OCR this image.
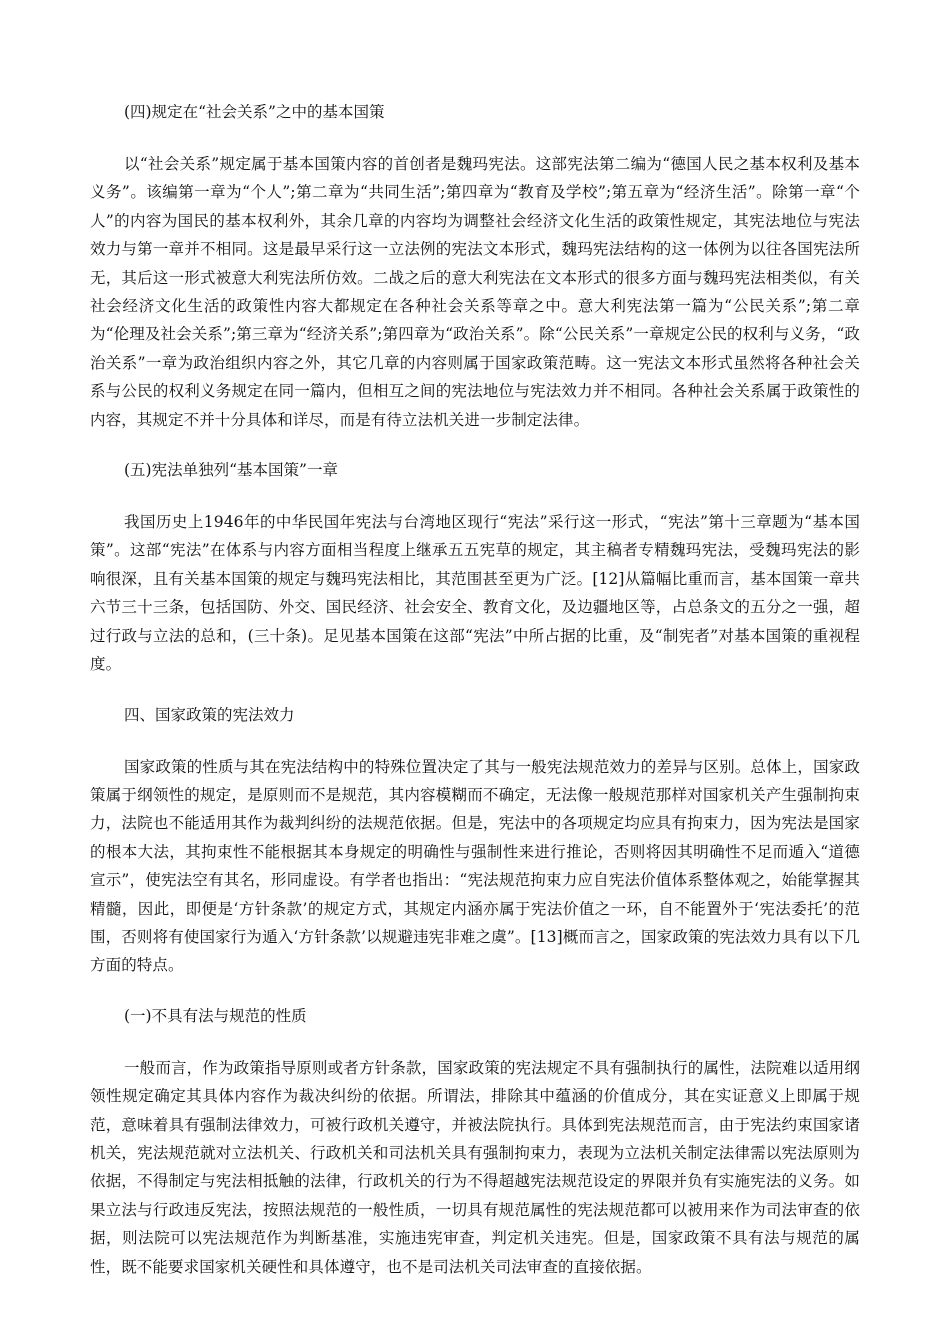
(四)规定在“社会关系”之中的基本国策
以“社会关系”规定属于基本国策内容的首创者是魏玛宪法。这部宪法第二编为“德国人民之基本权利及基本义务”。该编第一章为“个人”;第二章为“共同生活”;第四章为“教育及学校”;第五章为“经济生活”。除第一章“个人”的内容为国民的基本权利外，其余几章的内容均为调整社会经济文化生活的政策性规定，其宪法地位与宪法效力与第一章并不相同。这是最早采行这一立法例的宪法文本形式，魏玛宪法结构的这一体例为以往各国宪法所无，其后这一形式被意大利宪法所仿效。二战之后的意大利宪法在文本形式的很多方面与魏玛宪法相类似，有关社会经济文化生活的政策性内容大都规定在各种社会关系等章之中。意大利宪法第一篇为“公民关系”;第二章为“伦理及社会关系”;第三章为“经济关系”;第四章为“政治关系”。除“公民关系”一章规定公民的权利与义务，“政治关系”一章为政治组织内容之外，其它几章的内容则属于国家政策范畴。这一宪法文本形式虽然将各种社会关系与公民的权利义务规定在同一篇内，但相互之间的宪法地位与宪法效力并不相同。各种社会关系属于政策性的内容，其规定不并十分具体和详尽，而是有待立法机关进一步制定法律。
(五)宪法单独列“基本国策”一章
我国历史上1946年的中华民国年宪法与台湾地区现行“宪法”采行这一形式，“宪法”第十三章题为“基本国策”。这部“宪法”在体系与内容方面相当程度上继承五五宪草的规定，其主稿者专精魏玛宪法，受魏玛宪法的影响很深，且有关基本国策的规定与魏玛宪法相比，其范围甚至更为广泛。[12]从篇幅比重而言，基本国策一章共六节三十三条，包括国防、外交、国民经济、社会安全、教育文化，及边疆地区等，占总条文的五分之一强，超过行政与立法的总和，(三十条)。足见基本国策在这部“宪法”中所占据的比重，及“制宪者”对基本国策的重视程度。
四、国家政策的宪法效力
国家政策的性质与其在宪法结构中的特殊位置决定了其与一般宪法规范效力的差异与区别。总体上，国家政策属于纲领性的规定，是原则而不是规范，其内容模糊而不确定，无法像一般规范那样对国家机关产生强制拘束力，法院也不能适用其作为裁判纠纷的法规范依据。但是，宪法中的各项规定均应具有拘束力，因为宪法是国家的根本大法，其拘束性不能根据其本身规定的明确性与强制性来进行推论，否则将因其明确性不足而遁入“道德宣示”，使宪法空有其名，形同虚设。有学者也指出：“宪法规范拘束力应自宪法价值体系整体观之，始能掌握其精髓，因此，即便是‘方针条款’的规定方式，其规定内涵亦属于宪法价值之一环，自不能置外于‘宪法委托’的范围，否则将有使国家行为遁入‘方针条款’以规避违宪非难之虞”。[13]概而言之，国家政策的宪法效力具有以下几方面的特点。
(一)不具有法与规范的性质
一般而言，作为政策指导原则或者方针条款，国家政策的宪法规定不具有强制执行的属性，法院难以适用纲领性规定确定其具体内容作为裁决纠纷的依据。所谓法，排除其中蕴涵的价值成分，其在实证意义上即属于规范，意味着具有强制法律效力，可被行政机关遵守，并被法院执行。具体到宪法规范而言，由于宪法约束国家诸机关，宪法规范就对立法机关、行政机关和司法机关具有强制拘束力，表现为立法机关制定法律需以宪法原则为依据，不得制定与宪法相抵触的法律，行政机关的行为不得超越宪法规范设定的界限并负有实施宪法的义务。如果立法与行政违反宪法，按照法规范的一般性质，一切具有规范属性的宪法规范都可以被用来作为司法审查的依据，则法院可以宪法规范作为判断基准，实施违宪审查，判定机关违宪。但是，国家政策不具有法与规范的属性，既不能要求国家机关硬性和具体遵守，也不是司法机关司法审查的直接依据。
